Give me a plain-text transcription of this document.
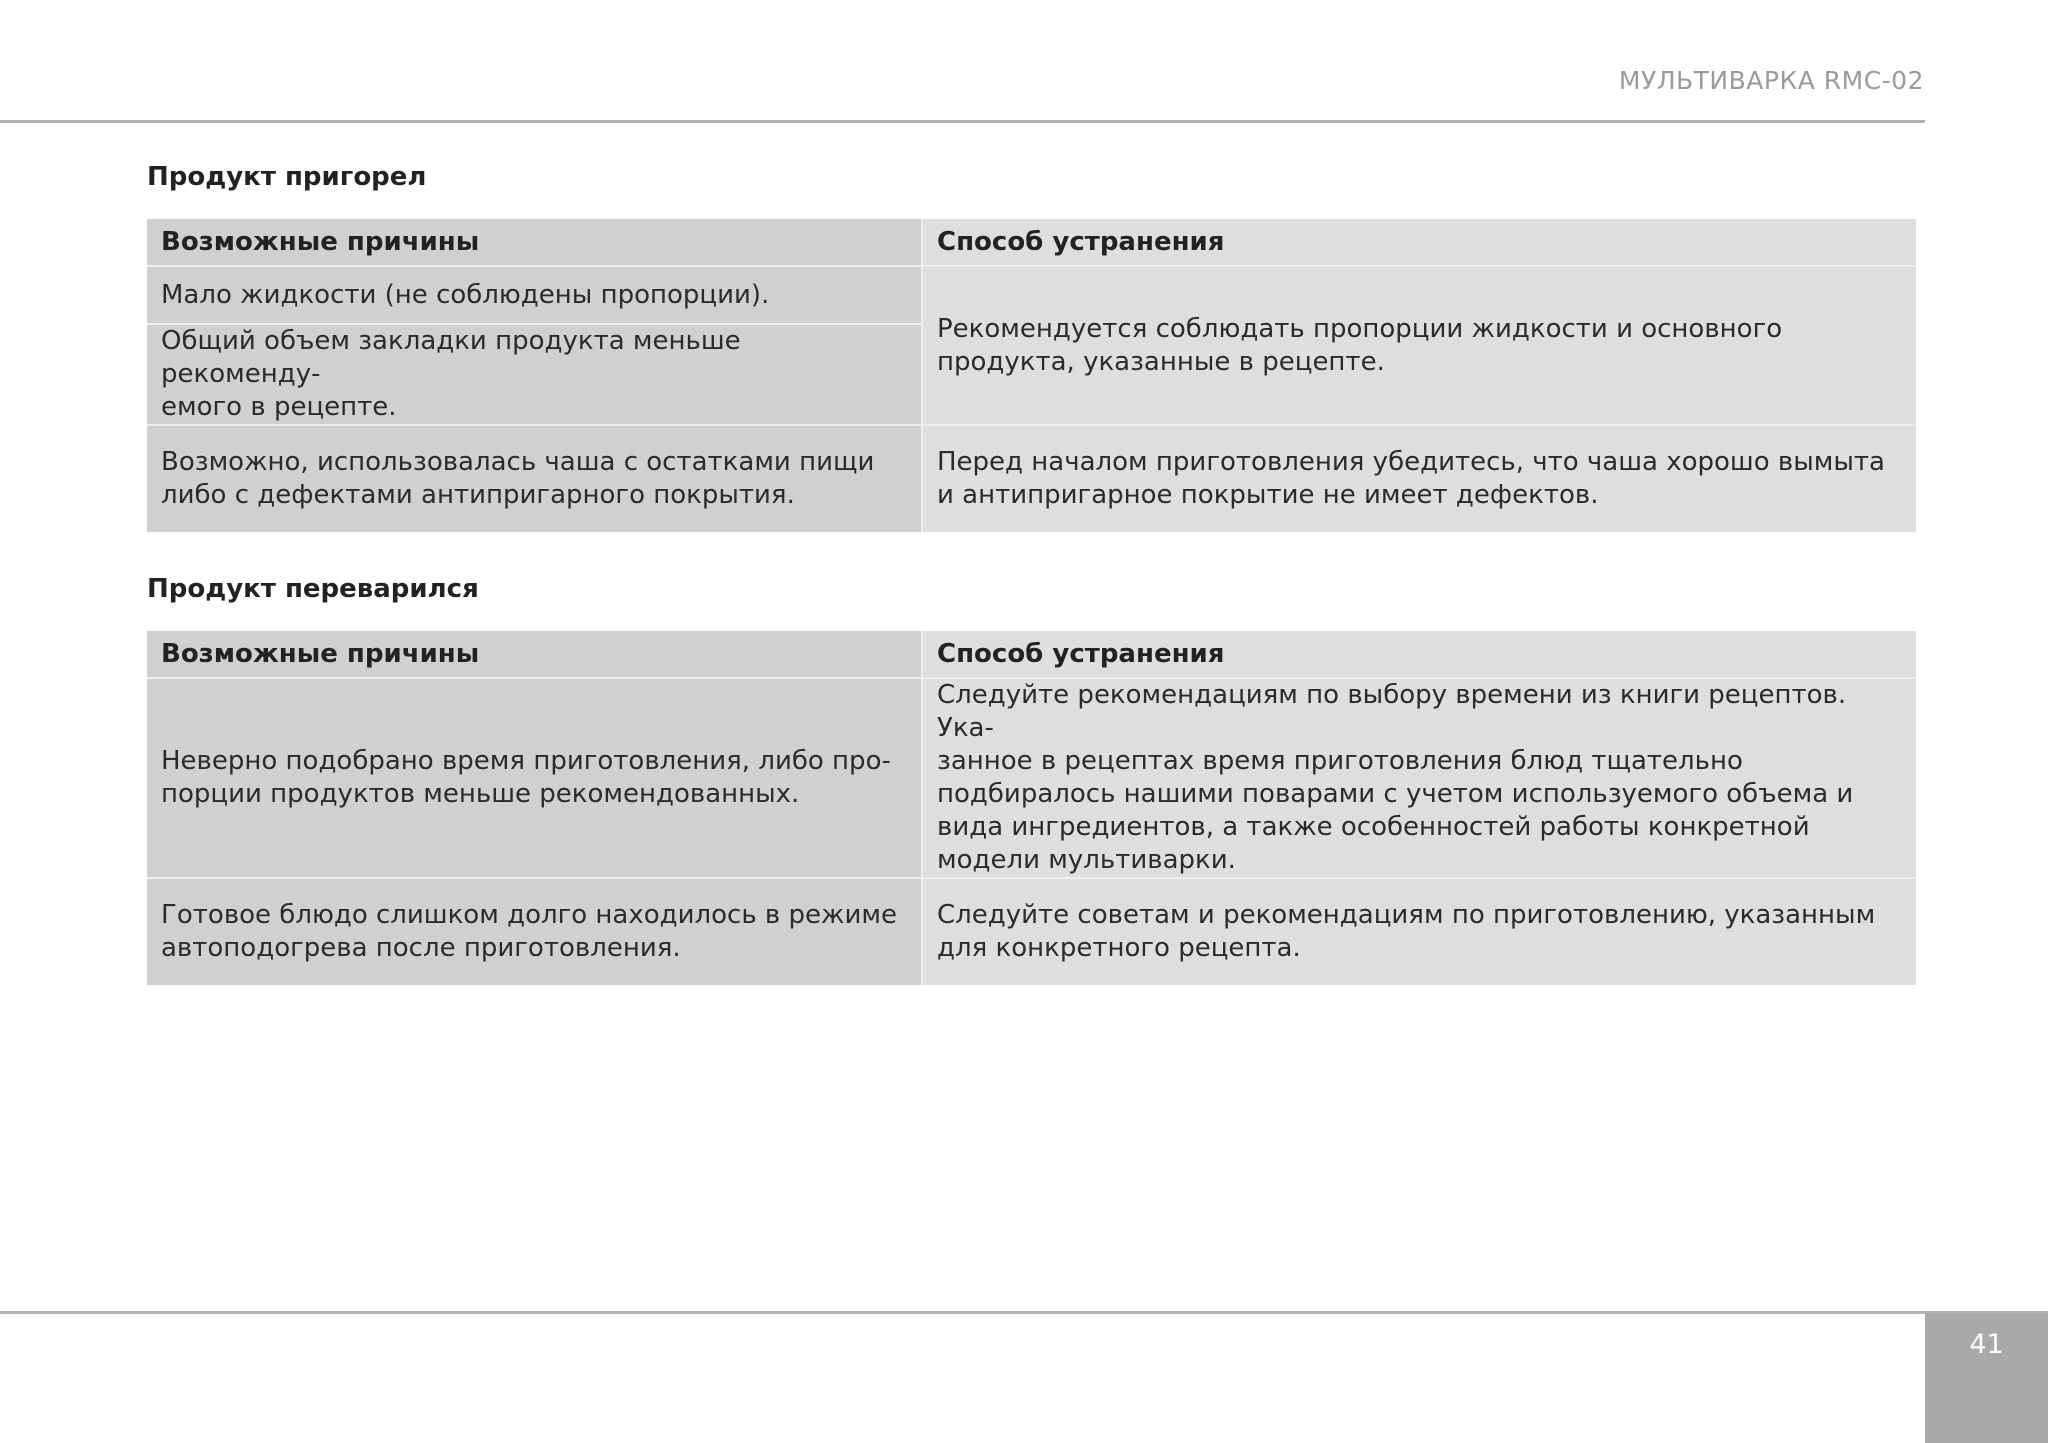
МУЛЬТИВАРКА RMC-02
Продукт пригорел
Возможные причины	Способ устранения
Мало жидкости (не соблюдены пропорции).	Рекомендуется соблюдать пропорции жидкости и основного продукта, указанные в рецепте.
Общий объем закладки продукта меньше рекоменду-
емого в рецепте.	
Возможно, использовалась чаша с остатками пищи либо с дефектами антипригарного покрытия.	Перед началом приготовления убедитесь, что чаша хорошо вымыта и антипригарное покрытие не имеет дефектов.
Продукт переварился
Возможные причины	Способ устранения
Неверно подобрано время приготовления, либо про-
порции продуктов меньше рекомендованных.	Следуйте рекомендациям по выбору времени из книги рецептов. Ука-
занное в рецептах время приготовления блюд тщательно подбиралось нашими поварами с учетом используемого объема и вида ингредиентов, а также особенностей работы конкретной модели мультиварки.
Готовое блюдо слишком долго находилось в режиме автоподогрева после приготовления.	Следуйте советам и рекомендациям по приготовлению, указанным для конкретного рецепта.
41
